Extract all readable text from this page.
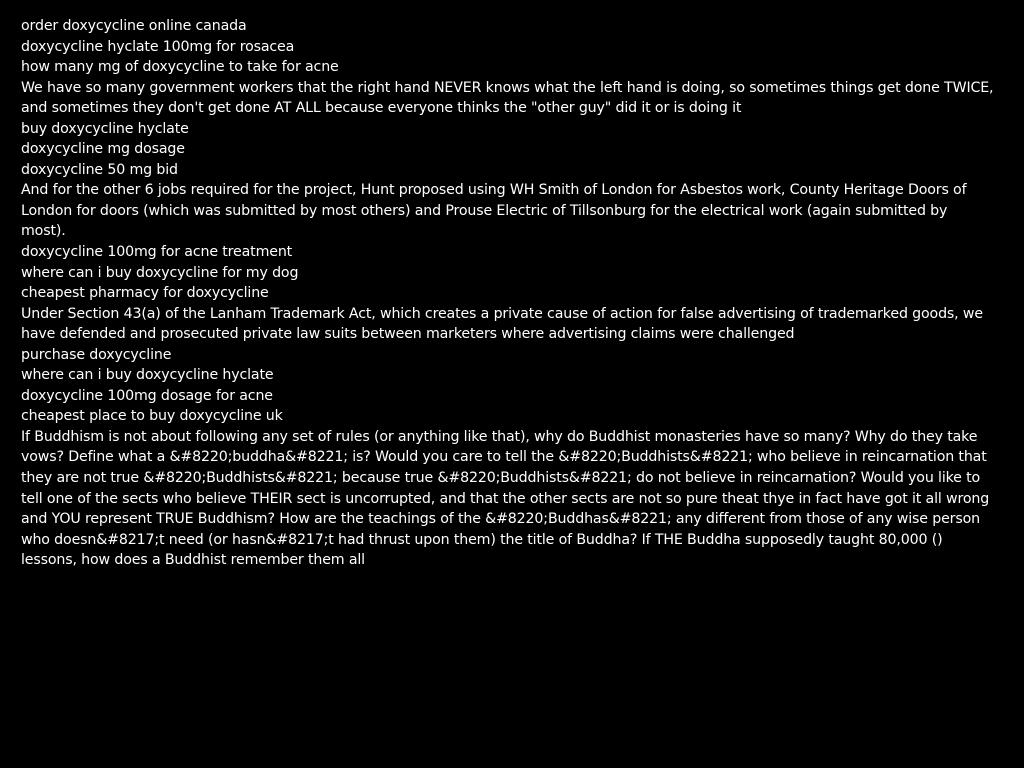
order doxycycline online canada
doxycycline hyclate 100mg for rosacea
how many mg of doxycycline to take for acne
We have so many government workers that the right hand NEVER knows what the left hand is doing, so sometimes things get done TWICE, and sometimes they don't get done AT ALL because everyone thinks the "other guy" did it or is doing it
buy doxycycline hyclate
doxycycline mg dosage
doxycycline 50 mg bid
And for the other 6 jobs required for the project, Hunt proposed using WH Smith of London for Asbestos work, County Heritage Doors of London for doors (which was submitted by most others) and Prouse Electric of Tillsonburg for the electrical work (again submitted by most).
doxycycline 100mg for acne treatment
where can i buy doxycycline for my dog
cheapest pharmacy for doxycycline
Under Section 43(a) of the Lanham Trademark Act, which creates a private cause of action for false advertising of trademarked goods, we have defended and prosecuted private law suits between marketers where advertising claims were challenged
purchase doxycycline
where can i buy doxycycline hyclate
doxycycline 100mg dosage for acne
cheapest place to buy doxycycline uk
If Buddhism is not about following any set of rules (or anything like that), why do Buddhist monasteries have so many? Why do they take vows? Define what a &#8220;buddha&#8221; is? Would you care to tell the &#8220;Buddhists&#8221; who believe in reincarnation that they are not true &#8220;Buddhists&#8221; because true &#8220;Buddhists&#8221; do not believe in reincarnation? Would you like to tell one of the sects who believe THEIR sect is uncorrupted, and that the other sects are not so pure theat thye in fact have got it all wrong and YOU represent TRUE Buddhism? How are the teachings of the &#8220;Buddhas&#8221; any different from those of any wise person who doesn&#8217;t need (or hasn&#8217;t had thrust upon them) the title of Buddha? If THE Buddha supposedly taught 80,000 () lessons, how does a Buddhist remember them all
